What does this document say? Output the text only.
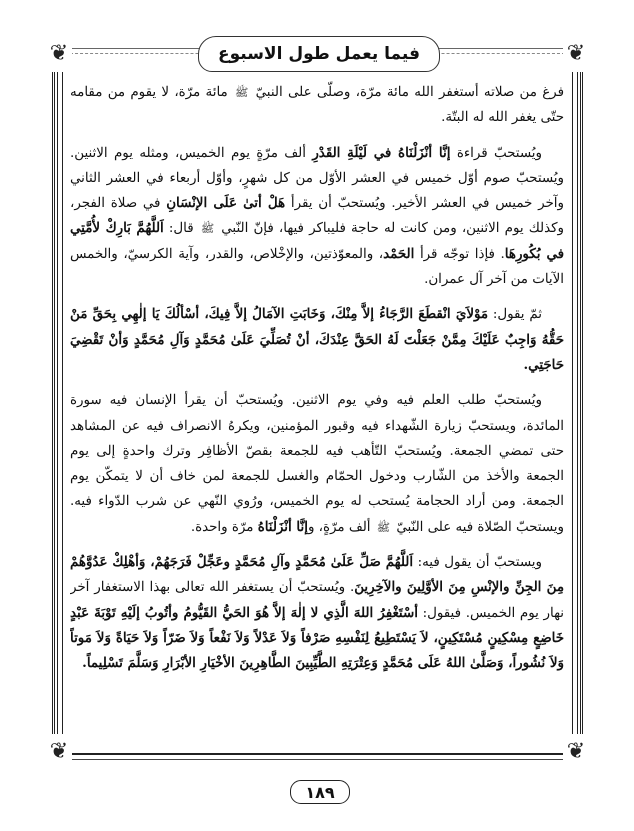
❦	❦
❦	❦
فيما يعمل طول الاسبوع

فرغ من صلاته أستغفر الله مائة مرّة، وصلّى على النبيّ ﷺ مائة مرّة، لا يقوم من مقامه حتّى يغفر الله له البتّة.

ويُستحبّ قراءة إنَّا أنْزَلْنَاهُ في لَيْلَةِ القَدْرِ ألف مرّةٍ يوم الخميس، ومثله يوم الاثنين. ويُستحبّ صوم أوّل خميس في العشر الأوّل من كل شهرٍ، وأوّل أربعاء في العشر الثاني وآخر خميس في العشر الأخير. ويُستحبّ أن يقرأ هَلْ أتىٰ عَلَى الإنْسَانِ في صلاة الفجر، وكذلك يوم الاثنين، ومن كانت له حاجة فليباكر فيها، فإنّ النّبي ﷺ قال: اَللَّهُمَّ بَارِكْ لأُمَّتِي في بُكُورِهَا. فإذا توجّه قرأ الحَمْد، والمعوّذتين، والإخْلاص، والقدر، وآية الكرسيّ، والخمس الآيات من آخر آل عمران.

ثمّ يقول: مَوْلاَيَ انْقطَعَ الرَّجَاءُ إلاَّ مِنْكَ، وَخَابَتِ الآمَالُ إلاَّ فِيكَ، أسْألُكَ يَا إلٰهِي بِحَقِّ مَنْ حَقُّهُ وَاجِبٌ عَلَيْكَ مِمَّنْ جَعَلْتَ لَهُ الحَقَّ عِنْدَكَ، أنْ تُصَلِّيَ عَلَىٰ مُحَمَّدٍ وَآلِ مُحَمَّدٍ وَأنْ تَقْضِيَ حَاجَتِي.

ويُستحبّ طلب العلم فيه وفي يوم الاثنين. ويُستحبّ أن يقرأ الإنسان فيه سورة المائدة، ويستحبّ زيارة الشّهداء فيه وقبور المؤمنين، ويكرهُ الانصراف فيه عن المشاهد حتى تمضي الجمعة. ويُستحبّ التّأهب فيه للجمعة بقصّ الأظافِر وترك واحدةٍ إلى يوم الجمعة والأخذ من الشّارب ودخول الحمّام والغسل للجمعة لمن خاف أن لا يتمكّن يوم الجمعة. ومن أراد الحجامة يُستحب له يوم الخميس، ورُوي النّهي عن شرب الدّواء فيه. ويستحبّ الصّلاة فيه على النّبيّ ﷺ ألف مرّةٍ، وإنَّا أنْزَلْنَاهُ مرّة واحدة.

ويستحبّ أن يقول فيه: اَللَّهُمَّ صَلِّ عَلَىٰ مُحَمَّدٍ وآلِ مُحَمَّدٍ وعَجِّلْ فَرَجَهُمْ، وَأهْلِكْ عَدُوَّهُمْ مِنَ الجِنِّ والإنْسِ مِنَ الأوَّلِينَ والآخِرِينَ. ويُستحبّ أن يستغفر الله تعالى بهذا الاستغفار آخر نهار يوم الخميس. فيقول: أسْتَغْفِرُ اللهَ الَّذِي لا إلٰهَ إلاَّ هُوَ الحَيُّ القَيُّومُ وأتُوبُ إلَيْهِ تَوْبَةَ عَبْدٍ خَاضِعٍ مِسْكِينٍ مُسْتَكِينٍ، لاَ يَسْتَطِيعُ لِنَفْسِهِ صَرْفاً وَلاَ عَدْلاً وَلاَ نَفْعاً وَلاَ ضَرّاً وَلاَ حَيَاةً وَلاَ مَوتاً وَلاَ نُشُوراً، وَصَلَّىٰ اللهُ عَلَى مُحَمَّدٍ وَعِتْرَتِهِ الطَّيِّبِينَ الطَّاهِرِينَ الأخْيَارِ الأبْرَارِ وَسَلَّمَ تَسْلِيماً.

١٨٩
